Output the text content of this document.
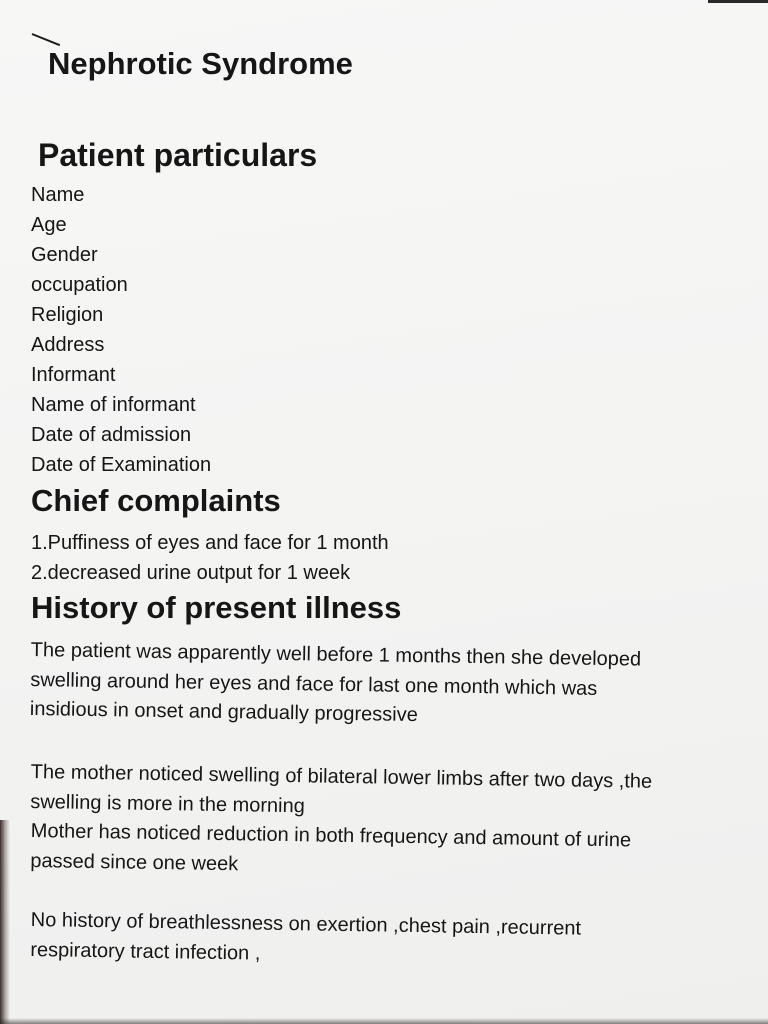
Nephrotic Syndrome
Patient particulars
Name
Age
Gender
occupation
Religion
Address
Informant
Name of informant
Date of admission
Date of Examination
Chief complaints
1.Puffiness of eyes and face for 1 month
2.decreased urine output for 1 week
History of present illness

The patient was apparently well before 1 months then she developed
swelling around her eyes and face for last one month which was
insidious in onset and gradually progressive

The mother noticed swelling of bilateral lower limbs after two days ,the
swelling is more in the morning

Mother has noticed reduction in both frequency and amount of urine
passed since one week

No history of breathlessness on exertion ,chest pain ,recurrent
respiratory tract infection ,
